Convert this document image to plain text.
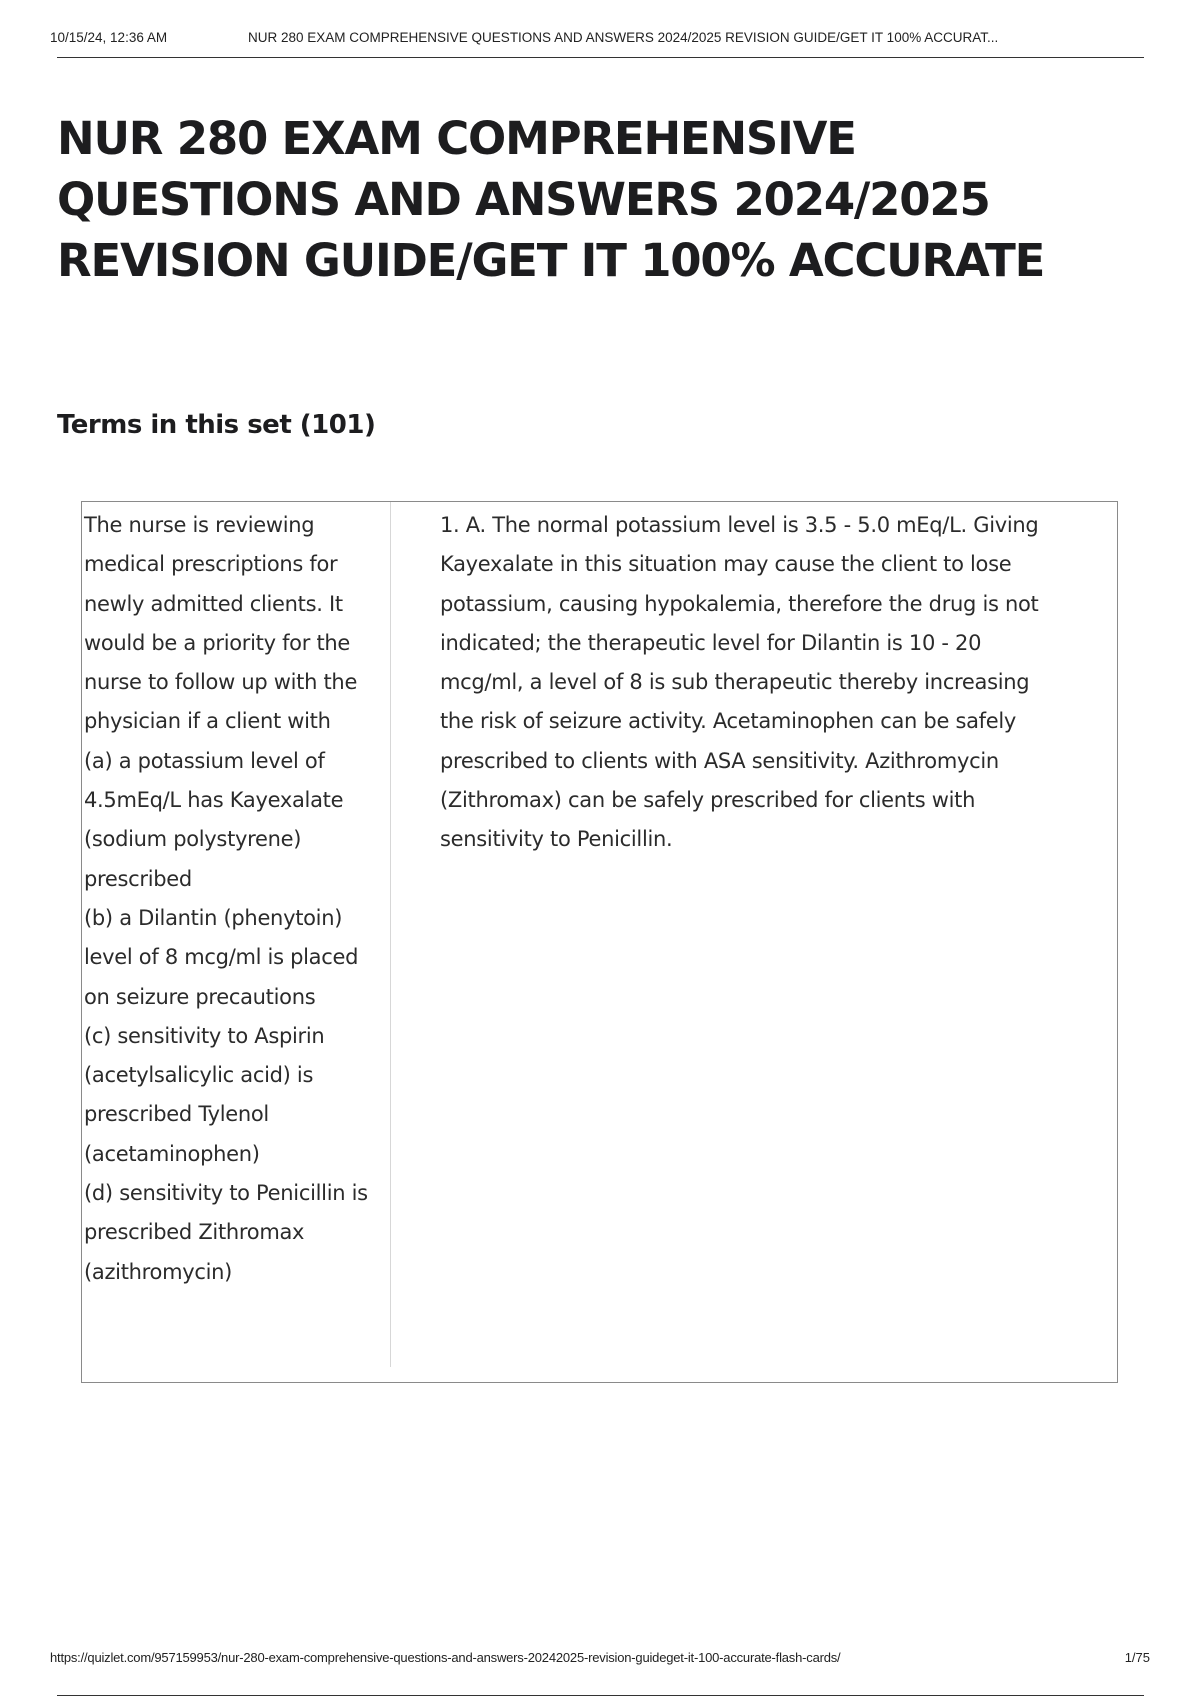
10/15/24, 12:36 AM	NUR 280 EXAM COMPREHENSIVE QUESTIONS AND ANSWERS 2024/2025 REVISION GUIDE/GET IT 100% ACCURAT...
NUR 280 EXAM COMPREHENSIVE QUESTIONS AND ANSWERS 2024/2025 REVISION GUIDE/GET IT 100% ACCURATE
Terms in this set (101)

The nurse is reviewing medical prescriptions for newly admitted clients. It would be a priority for the nurse to follow up with the physician if a client with
(a) a potassium level of 4.5mEq/L has Kayexalate (sodium polystyrene) prescribed
(b) a Dilantin (phenytoin) level of 8 mcg/ml is placed on seizure precautions
(c) sensitivity to Aspirin (acetylsalicylic acid) is prescribed Tylenol (acetaminophen)
(d) sensitivity to Penicillin is prescribed Zithromax (azithromycin)

1. A. The normal potassium level is 3.5 - 5.0 mEq/L. Giving Kayexalate in this situation may cause the client to lose potassium, causing hypokalemia, therefore the drug is not indicated; the therapeutic level for Dilantin is 10 - 20 mcg/ml, a level of 8 is sub therapeutic thereby increasing the risk of seizure activity. Acetaminophen can be safely prescribed to clients with ASA sensitivity. Azithromycin (Zithromax) can be safely prescribed for clients with sensitivity to Penicillin.

https://quizlet.com/957159953/nur-280-exam-comprehensive-questions-and-answers-20242025-revision-guideget-it-100-accurate-flash-cards/	1/75
